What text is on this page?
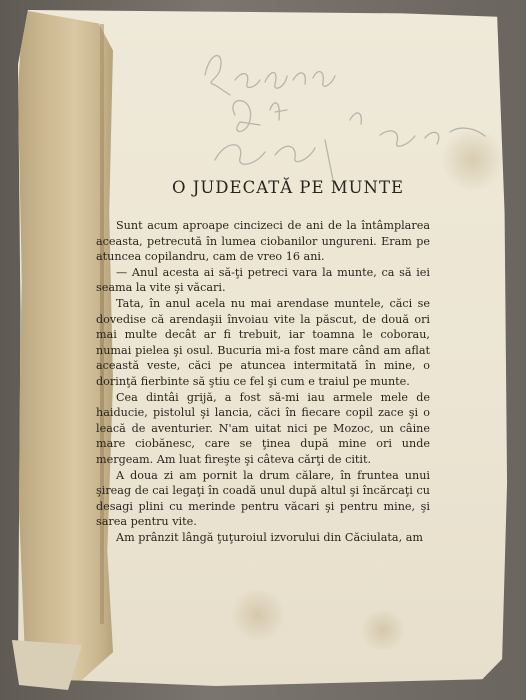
O JUDECATĂ PE MUNTE

Sunt acum aproape cincizeci de ani de la întâmplarea aceasta, petrecută în lumea ciobanilor ungureni. Eram pe atuncea copilandru, cam de vreo 16 ani.

— Anul acesta ai să-ţi petreci vara la munte, ca să iei seama la vite şi văcari.

Tata, în anul acela nu mai arendase muntele, căci se dovedise că arendaşii învoiau vite la păscut, de două ori mai multe decât ar fi trebuit, iar toamna le coborau, numai pielea şi osul. Bucuria mi-a fost mare când am aflat această veste, căci pe atuncea intermitată în mine, o dorinţă fierbinte să ştiu ce fel şi cum e traiul pe munte.

Cea dintâi grijă, a fost să-mi iau armele mele de haiducie, pistolul şi lancia, căci în fiecare copil zace şi o leacă de aventurier. N'am uitat nici pe Mozoc, un câine mare ciobănesc, care se ţinea după mine ori unde mergeam. Am luat fireşte şi câteva cărţi de citit.

A doua zi am pornit la drum călare, în fruntea unui şireag de cai legaţi în coadă unul după altul şi încărcaţi cu desagi plini cu merinde pentru văcari şi pentru mine, şi sarea pentru vite.

Am prânzit lângă ţuţuroiul izvorului din Căciulata, am
